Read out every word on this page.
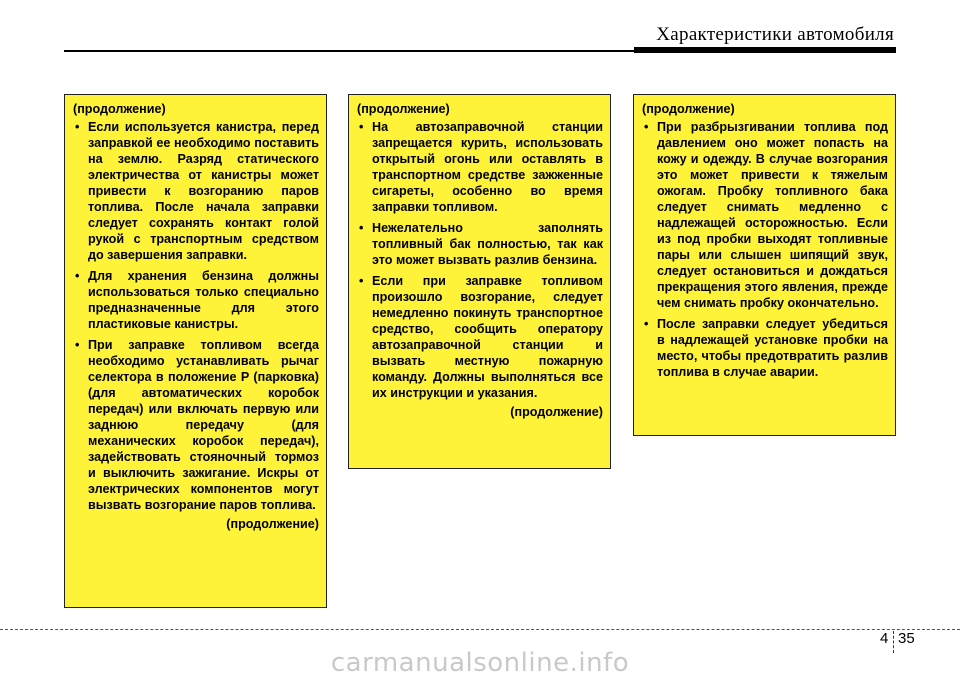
Характеристики автомобиля
(продолжение)
• Если используется канистра, перед заправкой ее необходимо поставить на землю. Разряд статического электричества от канистры может привести к возгоранию паров топлива. После начала заправки следует сохранять контакт голой рукой с транспортным средством до завершения заправки.
• Для хранения бензина должны использоваться только специально предназначенные для этого пластиковые канистры.
• При заправке топливом всегда необходимо устанавливать рычаг селектора в положение P (парковка) (для автоматических коробок передач) или включать первую или заднюю передачу (для механических коробок передач), задействовать стояночный тормоз и выключить зажигание. Искры от электрических компонентов могут вызвать возгорание паров топлива.
(продолжение)
(продолжение)
• На автозаправочной станции запрещается курить, использовать открытый огонь или оставлять в транспортном средстве зажженные сигареты, особенно во время заправки топливом.
• Нежелательно заполнять топливный бак полностью, так как это может вызвать разлив бензина.
• Если при заправке топливом произошло возгорание, следует немедленно покинуть транспортное средство, сообщить оператору автозаправочной станции и вызвать местную пожарную команду. Должны выполняться все их инструкции и указания.
(продолжение)
(продолжение)
• При разбрызгивании топлива под давлением оно может попасть на кожу и одежду. В случае возгорания это может привести к тяжелым ожогам. Пробку топливного бака следует снимать медленно с надлежащей осторожностью. Если из под пробки выходят топливные пары или слышен шипящий звук, следует остановиться и дождаться прекращения этого явления, прежде чем снимать пробку окончательно.
• После заправки следует убедиться в надлежащей установке пробки на место, чтобы предотвратить разлив топлива в случае аварии.
4 35
carmanualsonline.info
